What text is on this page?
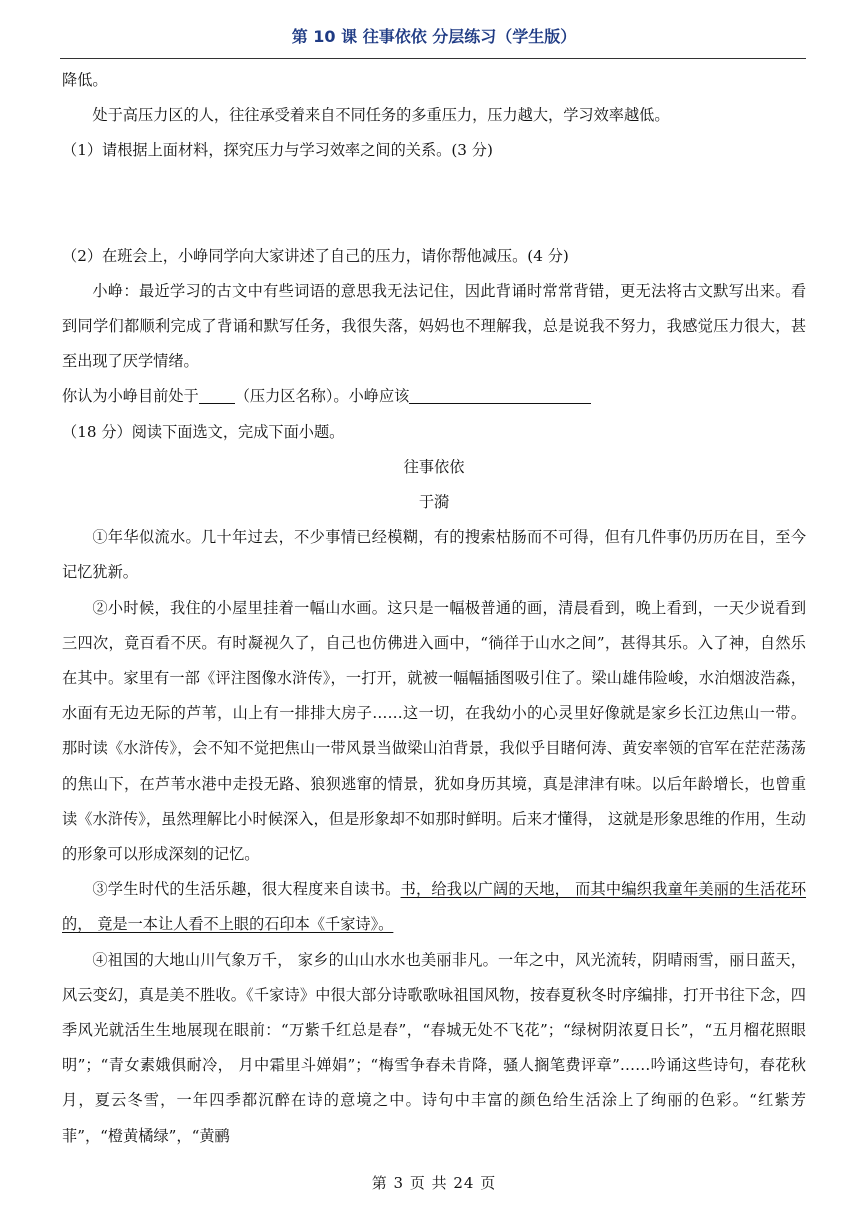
第 10 课 往事依依 分层练习（学生版）

降低。

处于高压力区的人，往往承受着来自不同任务的多重压力，压力越大，学习效率越低。

（1）请根据上面材料，探究压力与学习效率之间的关系。(3 分)

（2）在班会上，小峥同学向大家讲述了自己的压力，请你帮他减压。(4 分)

小峥：最近学习的古文中有些词语的意思我无法记住，因此背诵时常常背错，更无法将古文默写出来。看到同学们都顺利完成了背诵和默写任务，我很失落，妈妈也不理解我，总是说我不努力，我感觉压力很大，甚至出现了厌学情绪。

你认为小峥目前处于 （压力区名称）。小峥应该

（18 分）阅读下面选文，完成下面小题。

往事依依

于漪

①年华似流水。几十年过去，不少事情已经模糊，有的搜索枯肠而不可得，但有几件事仍历历在目，至今记忆犹新。

②小时候，我住的小屋里挂着一幅山水画。这只是一幅极普通的画，清晨看到，晚上看到，一天少说看到三四次，竟百看不厌。有时凝视久了，自己也仿佛进入画中，“徜徉于山水之间”，甚得其乐。入了神，自然乐在其中。家里有一部《评注图像水浒传》，一打开，就被一幅幅插图吸引住了。梁山雄伟险峻，水泊烟波浩淼，水面有无边无际的芦苇，山上有一排排大房子……这一切，在我幼小的心灵里好像就是家乡长江边焦山一带。那时读《水浒传》，会不知不觉把焦山一带风景当做梁山泊背景，我似乎目睹何涛、黄安率领的官军在茫茫荡荡的焦山下，在芦苇水港中走投无路、狼狈逃窜的情景，犹如身历其境，真是津津有味。以后年龄增长，也曾重读《水浒传》，虽然理解比小时候深入，但是形象却不如那时鲜明。后来才懂得， 这就是形象思维的作用，生动的形象可以形成深刻的记忆。

③学生时代的生活乐趣，很大程度来自读书。书，给我以广阔的天地， 而其中编织我童年美丽的生活花环的， 竟是一本让人看不上眼的石印本《千家诗》。

④祖国的大地山川气象万千， 家乡的山山水水也美丽非凡。一年之中，风光流转，阴晴雨雪，丽日蓝天，风云变幻，真是美不胜收。《千家诗》中很大部分诗歌歌咏祖国风物，按春夏秋冬时序编排，打开书往下念，四季风光就活生生地展现在眼前：“万紫千红总是春”，“春城无处不飞花”；“绿树阴浓夏日长”，“五月榴花照眼明”；“青女素娥俱耐冷， 月中霜里斗婵娟”；“梅雪争春未肯降，骚人搁笔费评章”……吟诵这些诗句，春花秋月，夏云冬雪，一年四季都沉醉在诗的意境之中。诗句中丰富的颜色给生活涂上了绚丽的色彩。“红紫芳菲”，“橙黄橘绿”，“黄鹂

第 3 页 共 24 页
